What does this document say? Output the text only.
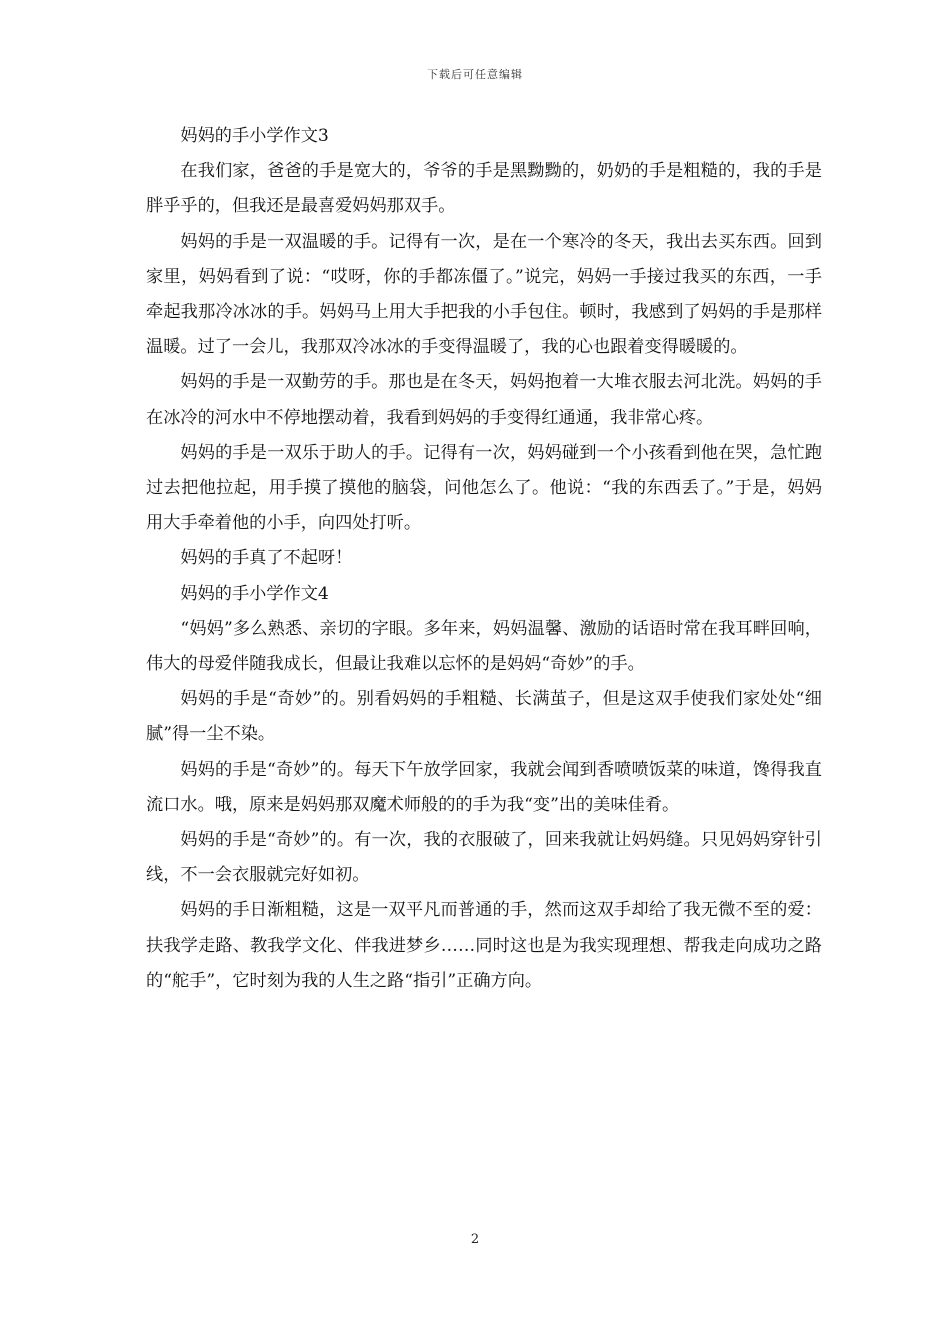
下载后可任意编辑

妈妈的手小学作文3

在我们家，爸爸的手是宽大的，爷爷的手是黑黝黝的，奶奶的手是粗糙的，我的手是胖乎乎的，但我还是最喜爱妈妈那双手。

妈妈的手是一双温暖的手。记得有一次，是在一个寒冷的冬天，我出去买东西。回到家里，妈妈看到了说：“哎呀，你的手都冻僵了。”说完，妈妈一手接过我买的东西，一手牵起我那冷冰冰的手。妈妈马上用大手把我的小手包住。顿时，我感到了妈妈的手是那样温暖。过了一会儿，我那双冷冰冰的手变得温暖了，我的心也跟着变得暖暖的。

妈妈的手是一双勤劳的手。那也是在冬天，妈妈抱着一大堆衣服去河北洗。妈妈的手在冰冷的河水中不停地摆动着，我看到妈妈的手变得红通通，我非常心疼。

妈妈的手是一双乐于助人的手。记得有一次，妈妈碰到一个小孩看到他在哭，急忙跑过去把他拉起，用手摸了摸他的脑袋，问他怎么了。他说：“我的东西丢了。”于是，妈妈用大手牵着他的小手，向四处打听。

妈妈的手真了不起呀！

妈妈的手小学作文4

“妈妈”多么熟悉、亲切的字眼。多年来，妈妈温馨、激励的话语时常在我耳畔回响，伟大的母爱伴随我成长，但最让我难以忘怀的是妈妈“奇妙”的手。

妈妈的手是“奇妙”的。别看妈妈的手粗糙、长满茧子，但是这双手使我们家处处“细腻”得一尘不染。

妈妈的手是“奇妙”的。每天下午放学回家，我就会闻到香喷喷饭菜的味道，馋得我直流口水。哦，原来是妈妈那双魔术师般的的手为我“变”出的美味佳肴。

妈妈的手是“奇妙”的。有一次，我的衣服破了，回来我就让妈妈缝。只见妈妈穿针引线，不一会衣服就完好如初。

妈妈的手日渐粗糙，这是一双平凡而普通的手，然而这双手却给了我无微不至的爱：扶我学走路、教我学文化、伴我进梦乡……同时这也是为我实现理想、帮我走向成功之路的“舵手”，它时刻为我的人生之路“指引”正确方向。

2
